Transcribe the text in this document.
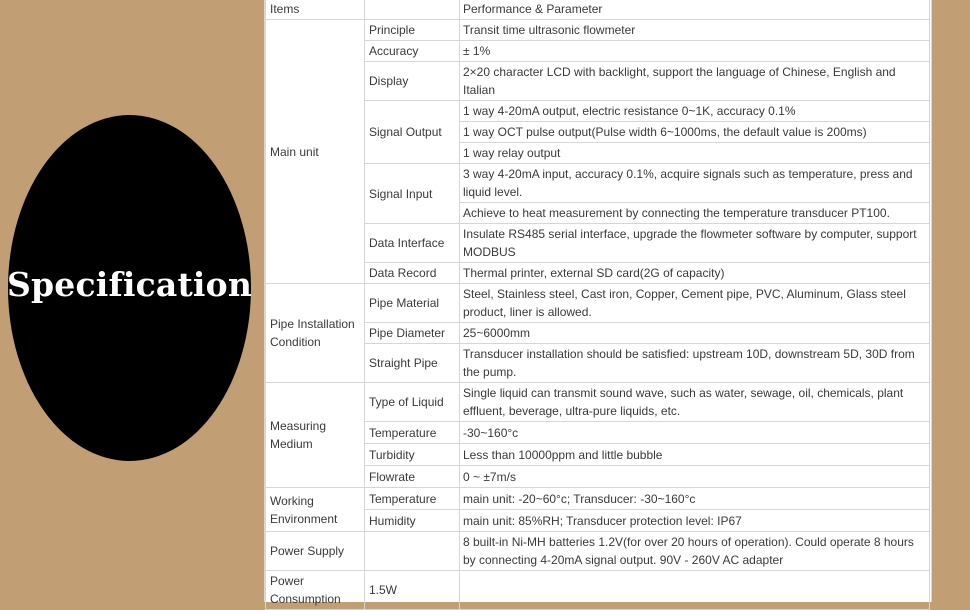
Specification
Items		Performance & Parameter
Main unit	Principle	Transit time ultrasonic flowmeter
	Accuracy	± 1%
	Display	2×20 character LCD with backlight, support the language of Chinese, English and Italian
	Signal Output	1 way 4-20mA output, electric resistance 0~1K, accuracy 0.1%
		1 way OCT pulse output(Pulse width 6~1000ms, the default value is 200ms)
		1 way relay output
	Signal Input	3 way 4-20mA input, accuracy 0.1%, acquire signals such as temperature, press and liquid level.
		Achieve to heat measurement by connecting the temperature transducer PT100.
	Data Interface	Insulate RS485 serial interface, upgrade the flowmeter software by computer, support MODBUS
	Data Record	Thermal printer, external SD card(2G of capacity)
Pipe Installation Condition	Pipe Material	Steel, Stainless steel, Cast iron, Copper, Cement pipe, PVC, Aluminum, Glass steel product, liner is allowed.
	Pipe Diameter	25~6000mm
	Straight Pipe	Transducer installation should be satisfied: upstream 10D, downstream 5D, 30D from the pump.
Measuring Medium	Type of Liquid	Single liquid can transmit sound wave, such as water, sewage, oil, chemicals, plant effluent, beverage, ultra-pure liquids, etc.
	Temperature	-30~160°c
	Turbidity	Less than 10000ppm and little bubble
	Flowrate	0 ~ ±7m/s
Working Environment	Temperature	main unit: -20~60°c; Transducer: -30~160°c
	Humidity	main unit: 85%RH; Transducer protection level: IP67
Power Supply		8 built-in Ni-MH batteries 1.2V(for over 20 hours of operation). Could operate 8 hours by connecting 4-20mA signal output. 90V - 260V AC adapter
Power Consumption	1.5W	
